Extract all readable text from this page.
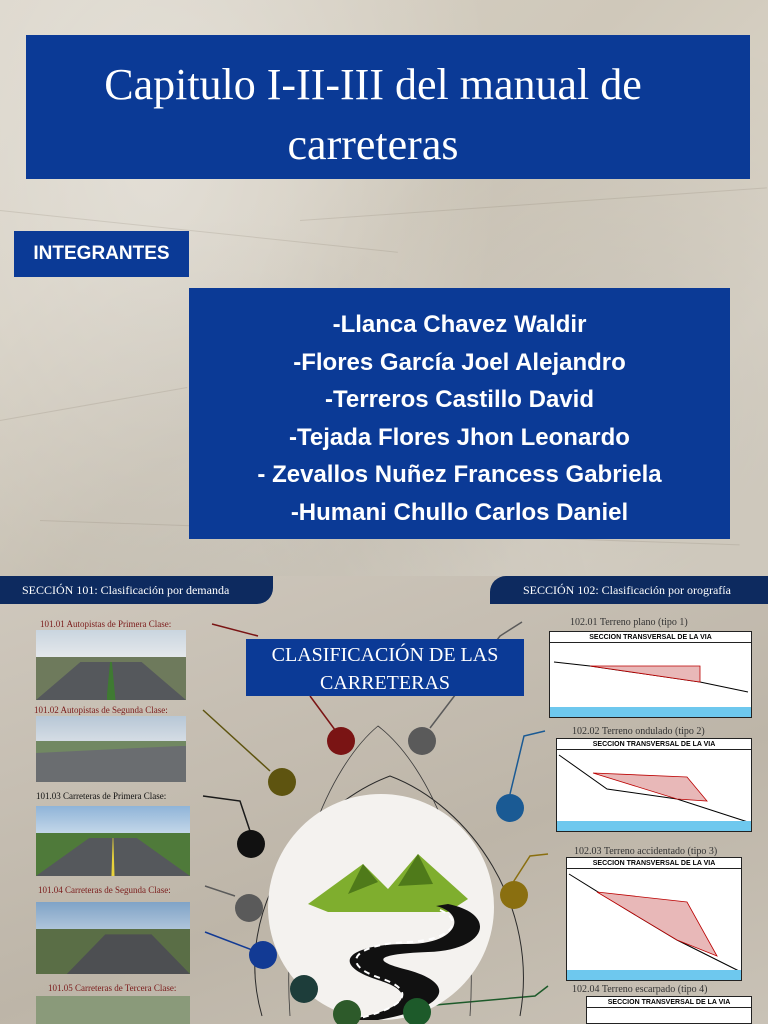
Capitulo I-II-III del manual de carreteras
INTEGRANTES
-Llanca Chavez Waldir
-Flores García Joel Alejandro
-Terreros Castillo David
-Tejada Flores Jhon Leonardo
- Zevallos Nuñez Francess Gabriela
-Humani Chullo Carlos Daniel
SECCIÓN 101: Clasificación por demanda	SECCIÓN 102: Clasificación por orografía
101.01 Autopistas de Primera Clase:
101.02 Autopistas de Segunda Clase:
101.03 Carreteras de Primera Clase:
101.04 Carreteras de Segunda Clase:
101.05 Carreteras de Tercera Clase:
CLASIFICACIÓN DE LAS CARRETERAS
102.01 Terreno plano (tipo 1)
SECCION TRANSVERSAL DE LA VIA
102.02 Terreno ondulado (tipo 2)
SECCION TRANSVERSAL DE LA VIA
102.03 Terreno accidentado (tipo 3)
SECCION TRANSVERSAL DE LA VIA
102.04 Terreno escarpado (tipo 4)
SECCION TRANSVERSAL DE LA VIA
